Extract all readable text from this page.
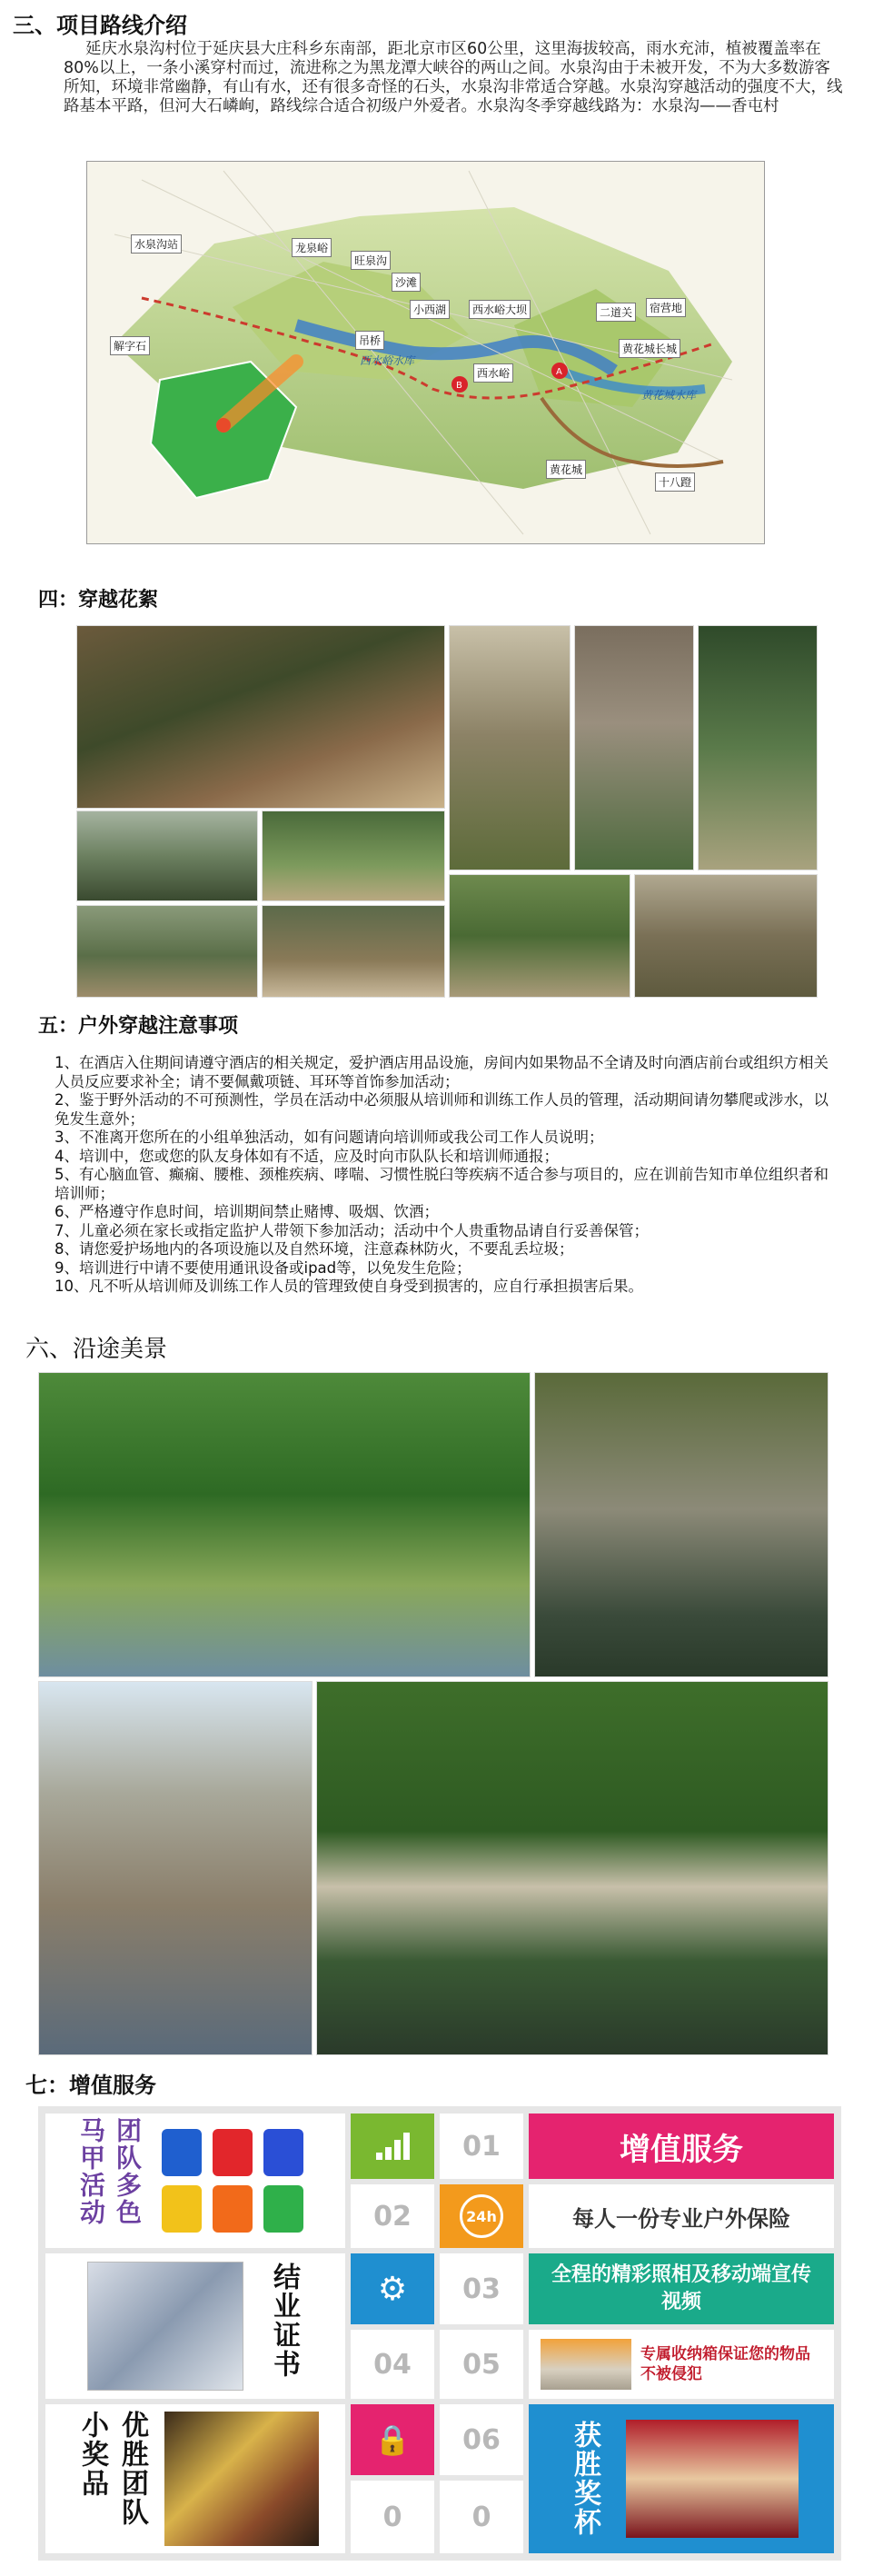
三、项目路线介绍
延庆水泉沟村位于延庆县大庄科乡东南部，距北京市区60公里，这里海拔较高，雨水充沛，植被覆盖率在80%以上，一条小溪穿村而过，流进称之为黑龙潭大峡谷的两山之间。水泉沟由于未被开发，不为大多数游客所知，环境非常幽静，有山有水，还有很多奇怪的石头，水泉沟非常适合穿越。水泉沟穿越活动的强度不大，线路基本平路，但河大石嶙峋，路线综合适合初级户外爱者。水泉沟冬季穿越线路为：水泉沟——香屯村
A
B
水泉沟站	龙泉峪
旺泉沟
沙滩
小西湖	西水峪大坝	二道关	宿营地
黄花城长城
吊桥
西水峪
西水峪水库
黄花城水库
解字石
黄花城
十八蹬
四：穿越花絮
五：户外穿越注意事项
1、在酒店入住期间请遵守酒店的相关规定，爱护酒店用品设施，房间内如果物品不全请及时向酒店前台或组织方相关人员反应要求补全；请不要佩戴项链、耳环等首饰参加活动；
2、鉴于野外活动的不可预测性，学员在活动中必须服从培训师和训练工作人员的管理，活动期间请勿攀爬或涉水，以免发生意外；
3、不准离开您所在的小组单独活动，如有问题请向培训师或我公司工作人员说明；
4、培训中，您或您的队友身体如有不适，应及时向市队队长和培训师通报；
5、有心脑血管、癫痫、腰椎、颈椎疾病、哮喘、习惯性脱臼等疾病不适合参与项目的，应在训前告知市单位组织者和培训师；
6、严格遵守作息时间，培训期间禁止赌博、吸烟、饮酒；
7、儿童必须在家长或指定监护人带领下参加活动；活动中个人贵重物品请自行妥善保管；
8、请您爱护场地内的各项设施以及自然环境，注意森林防火，不要乱丢垃圾；
9、培训进行中请不要使用通讯设备或ipad等，以免发生危险；
10、凡不听从培训师及训练工作人员的管理致使自身受到损害的，应自行承担损害后果。
六、沿途美景
七：增值服务
团队多色马甲活动	01	增值服务
02	24h	每人一份专业户外保险
结业证书 ⚙ 03	全程的精彩照相及移动端宣传视频
04 05	专属收纳箱保证您的物品不被侵犯
优胜团队小奖品	🔒 06
0	0	获胜奖杯
